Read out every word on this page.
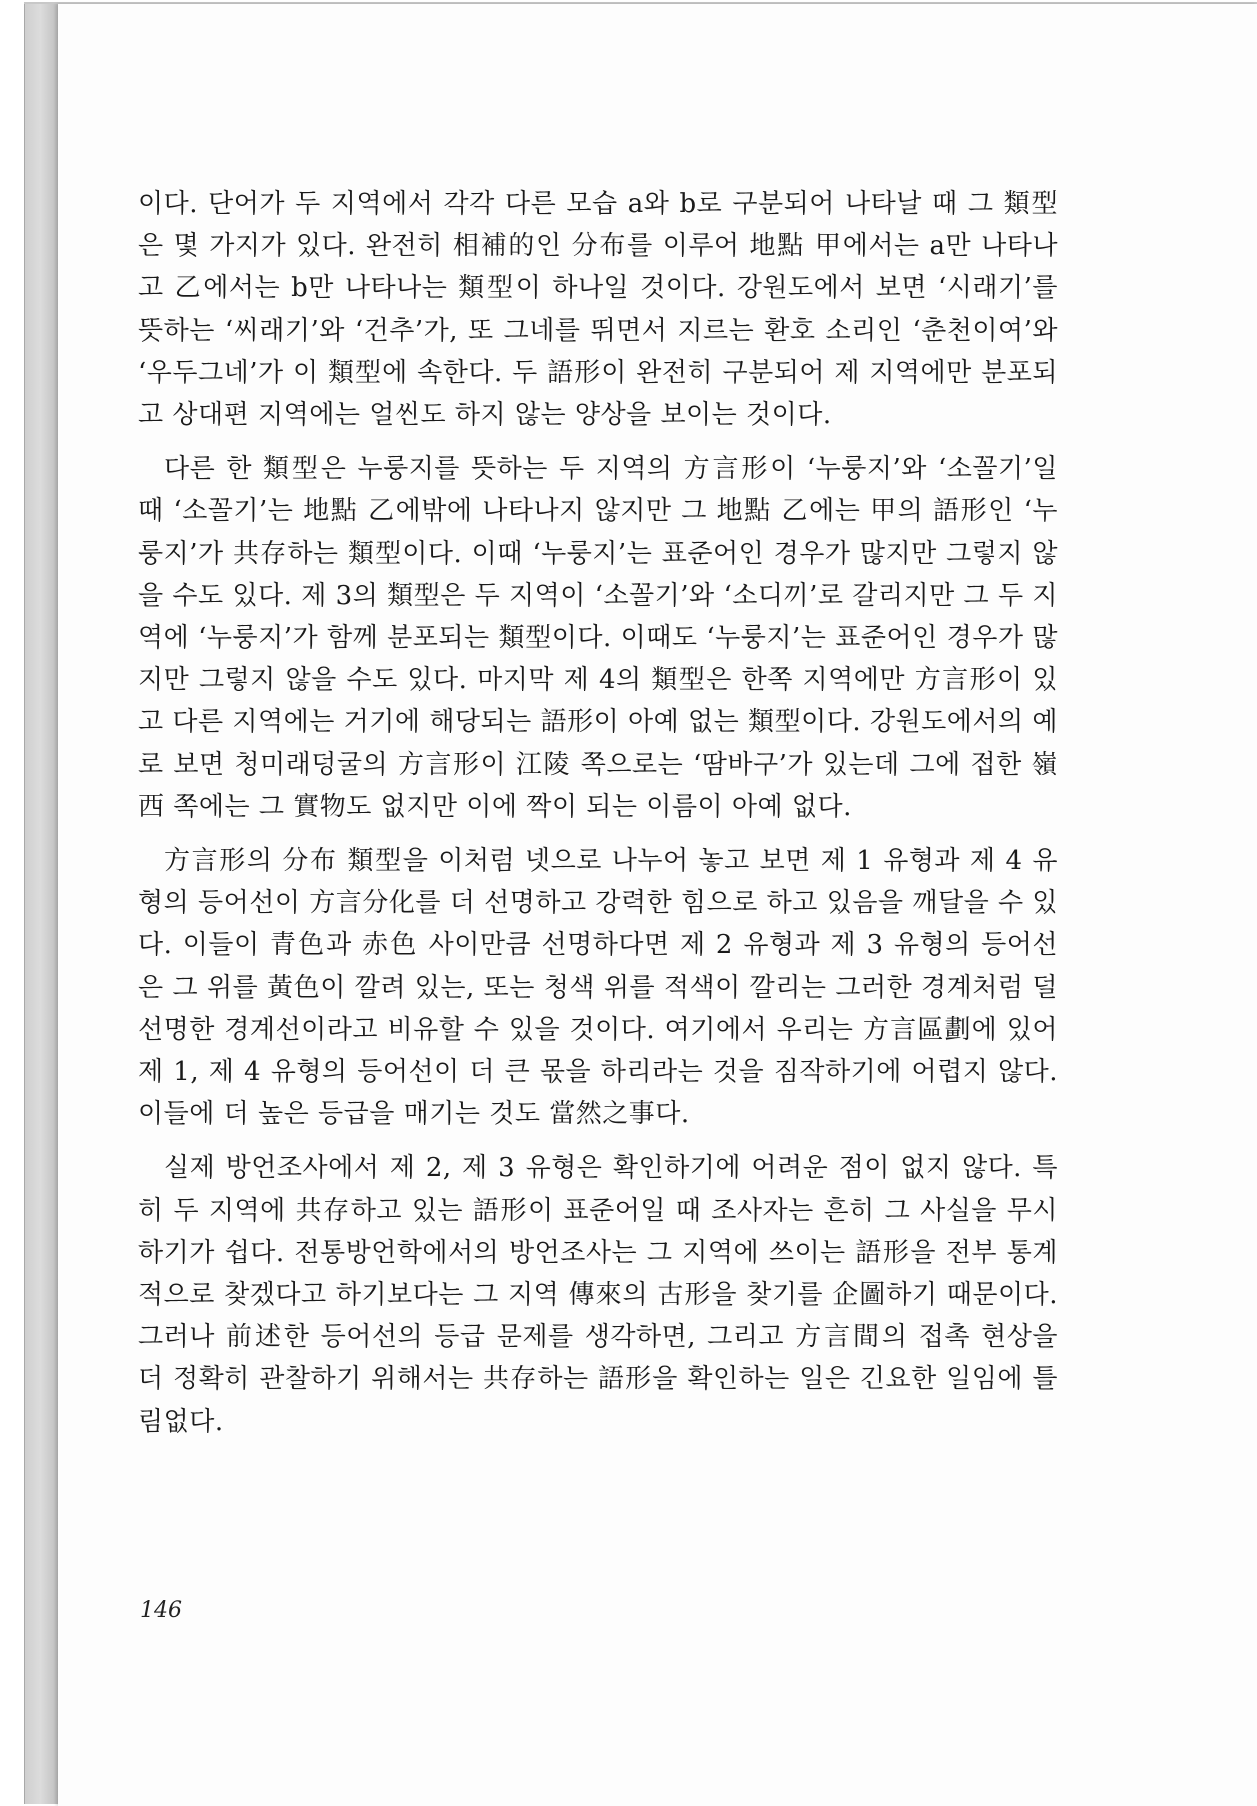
이다. 단어가 두 지역에서 각각 다른 모습 a와 b로 구분되어 나타날 때 그 類型은 몇 가지가 있다. 완전히 相補的인 分布를 이루어 地點 甲에서는 a만 나타나고 乙에서는 b만 나타나는 類型이 하나일 것이다. 강원도에서 보면 ‘시래기’를 뜻하는 ‘씨래기’와 ‘건추’가, 또 그네를 뛰면서 지르는 환호 소리인 ‘춘천이여’와 ‘우두그네’가 이 類型에 속한다. 두 語形이 완전히 구분되어 제 지역에만 분포되고 상대편 지역에는 얼씬도 하지 않는 양상을 보이는 것이다.

다른 한 類型은 누룽지를 뜻하는 두 지역의 方言形이 ‘누룽지’와 ‘소꼴기’일 때 ‘소꼴기’는 地點 乙에밖에 나타나지 않지만 그 地點 乙에는 甲의 語形인 ‘누룽지’가 共存하는 類型이다. 이때 ‘누룽지’는 표준어인 경우가 많지만 그렇지 않을 수도 있다. 제 3의 類型은 두 지역이 ‘소꼴기’와 ‘소디끼’로 갈리지만 그 두 지역에 ‘누룽지’가 함께 분포되는 類型이다. 이때도 ‘누룽지’는 표준어인 경우가 많지만 그렇지 않을 수도 있다. 마지막 제 4의 類型은 한쪽 지역에만 方言形이 있고 다른 지역에는 거기에 해당되는 語形이 아예 없는 類型이다. 강원도에서의 예로 보면 청미래덩굴의 方言形이 江陵 쪽으로는 ‘땀바구’가 있는데 그에 접한 嶺西 쪽에는 그 實物도 없지만 이에 짝이 되는 이름이 아예 없다.

方言形의 分布 類型을 이처럼 넷으로 나누어 놓고 보면 제 1 유형과 제 4 유형의 등어선이 方言分化를 더 선명하고 강력한 힘으로 하고 있음을 깨달을 수 있다. 이들이 青色과 赤色 사이만큼 선명하다면 제 2 유형과 제 3 유형의 등어선은 그 위를 黃色이 깔려 있는, 또는 청색 위를 적색이 깔리는 그러한 경계처럼 덜 선명한 경계선이라고 비유할 수 있을 것이다. 여기에서 우리는 方言區劃에 있어 제 1, 제 4 유형의 등어선이 더 큰 몫을 하리라는 것을 짐작하기에 어렵지 않다. 이들에 더 높은 등급을 매기는 것도 當然之事다.

실제 방언조사에서 제 2, 제 3 유형은 확인하기에 어려운 점이 없지 않다. 특히 두 지역에 共存하고 있는 語形이 표준어일 때 조사자는 흔히 그 사실을 무시하기가 쉽다. 전통방언학에서의 방언조사는 그 지역에 쓰이는 語形을 전부 통계적으로 찾겠다고 하기보다는 그 지역 傳來의 古形을 찾기를 企圖하기 때문이다. 그러나 前述한 등어선의 등급 문제를 생각하면, 그리고 方言間의 접촉 현상을 더 정확히 관찰하기 위해서는 共存하는 語形을 확인하는 일은 긴요한 일임에 틀림없다.

146
